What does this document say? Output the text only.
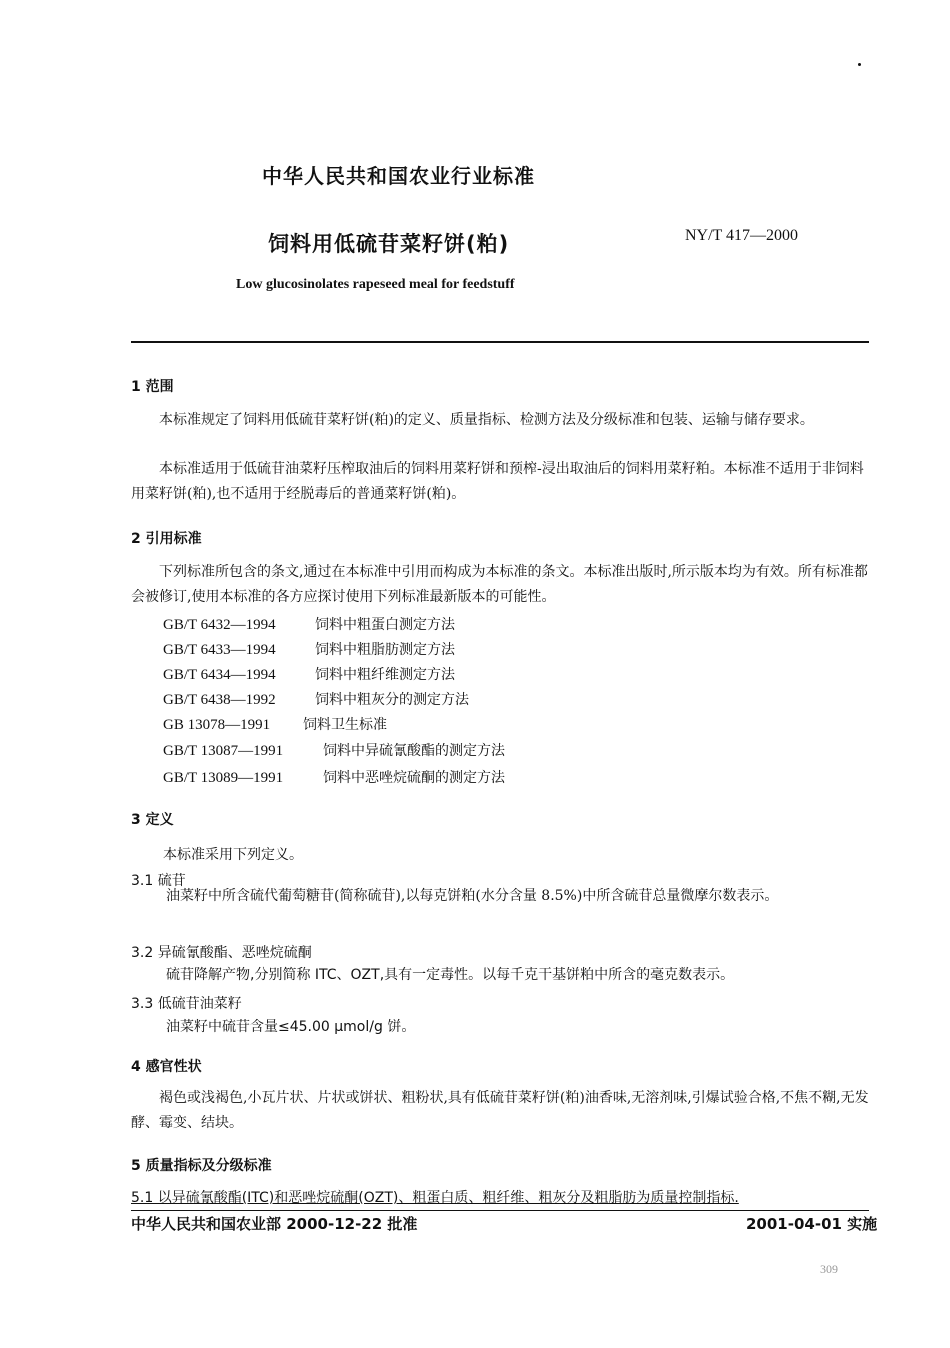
中华人民共和国农业行业标准
饲料用低硫苷菜籽饼(粕)	NY/T 417—2000
Low glucosinolates rapeseed meal for feedstuff
1 范围
本标准规定了饲料用低硫苷菜籽饼(粕)的定义、质量指标、检测方法及分级标准和包装、运输与储存要求。
本标准适用于低硫苷油菜籽压榨取油后的饲料用菜籽饼和预榨-浸出取油后的饲料用菜籽粕。本标准不适用于非饲料用菜籽饼(粕),也不适用于经脱毒后的普通菜籽饼(粕)。
2 引用标准
下列标准所包含的条文,通过在本标准中引用而构成为本标准的条文。本标准出版时,所示版本均为有效。所有标准都会被修订,使用本标准的各方应探讨使用下列标准最新版本的可能性。
GB/T 6432—1994	饲料中粗蛋白测定方法
GB/T 6433—1994	饲料中粗脂肪测定方法
GB/T 6434—1994	饲料中粗纤维测定方法
GB/T 6438—1992	饲料中粗灰分的测定方法
GB 13078—1991 饲料卫生标准
GB/T 13087—1991	饲料中异硫氰酸酯的测定方法
GB/T 13089—1991	饲料中恶唑烷硫酮的测定方法
3 定义
本标准采用下列定义。
3.1 硫苷
油菜籽中所含硫代葡萄糖苷(简称硫苷),以每克饼粕(水分含量 8.5%)中所含硫苷总量微摩尔数表示。
3.2 异硫氰酸酯、恶唑烷硫酮
硫苷降解产物,分别简称 ITC、OZT,具有一定毒性。以每千克干基饼粕中所含的毫克数表示。
3.3 低硫苷油菜籽
油菜籽中硫苷含量≤45.00 μmol/g 饼。
4 感官性状
褐色或浅褐色,小瓦片状、片状或饼状、粗粉状,具有低硫苷菜籽饼(粕)油香味,无溶剂味,引爆试验合格,不焦不糊,无发酵、霉变、结块。
5 质量指标及分级标准
5.1 以异硫氰酸酯(ITC)和恶唑烷硫酮(OZT)、粗蛋白质、粗纤维、粗灰分及粗脂肪为质量控制指标.
中华人民共和国农业部 2000-12-22 批准	2001-04-01 实施
309
